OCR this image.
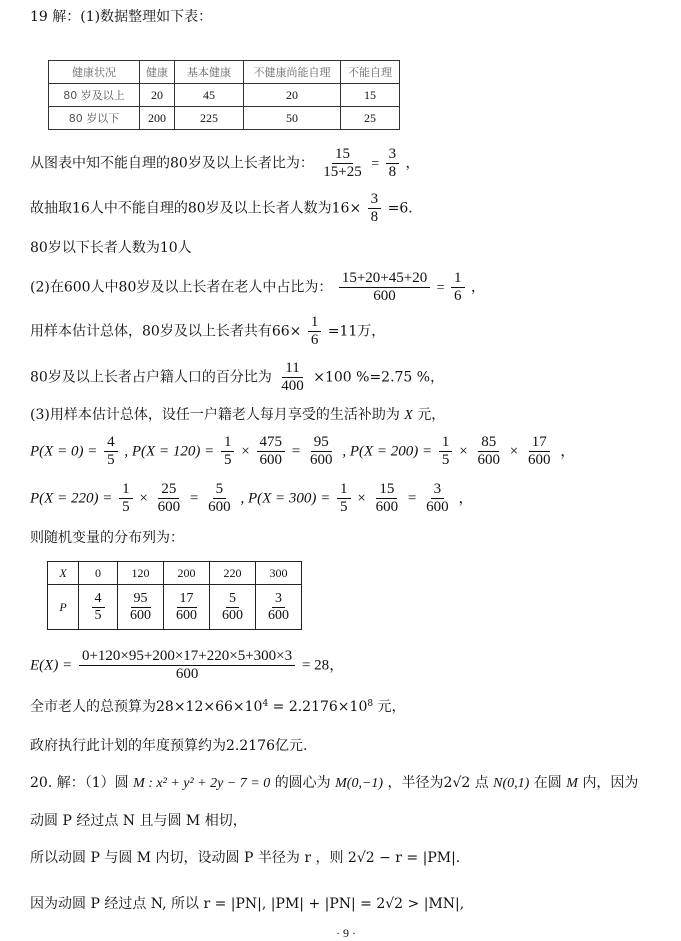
19 解：(1)数据整理如下表：
健康状况	健康	基本健康	不健康尚能自理	不能自理
80 岁及以上	20	45	20	15
80 岁以下	200	225	50	25
从图表中知不能自理的80岁及以上长者比为： $\frac{15}{15+25} = \frac{3}{8}$ ，
故抽取16人中不能自理的80岁及以上长者人数为$16\times \frac{3}{8} =6$.
80岁以下长者人数为10人
(2)在600人中80岁及以上长者在老人中占比为： $\frac{15+20+45+20}{600} = \frac{1}{6}$ ，
用样本估计总体，80岁及以上长者共有$66\times \frac{1}{6} =11$万，
80岁及以上长者占户籍人口的百分比为 $\frac{11}{400} \times 100$ %=2.75 %，
(3)用样本估计总体，设任一户籍老人每月享受的生活补助为 X 元，
$P(X = 0) = \frac{4}{5}$ , $P(X = 120) = \frac{1}{5} \times \frac{475}{600} = \frac{95}{600}$ , $P(X = 200) = \frac{1}{5} \times \frac{85}{600} \times \frac{17}{600}$ ，
$P(X = 220) = \frac{1}{5} \times \frac{25}{600} = \frac{5}{600}$ , $P(X = 300) = \frac{1}{5} \times \frac{15}{600} = \frac{3}{600}$ ，
则随机变量的分布列为：
X	0	120	200	220	300
P	$\frac{4}{5}$	$\frac{95}{600}$	$\frac{17}{600}$	$\frac{5}{600}$	$\frac{3}{600}$
$E(X) = \frac{0+120\times 95+200\times 17+220\times 5+300\times 3}{600} = 28$，
全市老人的总预算为$28\times 12\times 66\times 10^4 = 2.2176\times 10^8$ 元，
政府执行此计划的年度预算约为2.2176亿元.
20. 解：（1）圆 M : x² + y² + 2y − 7 = 0 的圆心为 M(0,−1) ，半径为2√2 点 N(0,1) 在圆 M 内，因为
动圆 P 经过点 N 且与圆 M 相切，
所以动圆 P 与圆 M 内切，设动圆 P 半径为 r ，则 2√2 − r = |PM|.
因为动圆 P 经过点 N, 所以 r = |PN|, |PM| + |PN| = 2√2 > |MN|,
· 9 ·
